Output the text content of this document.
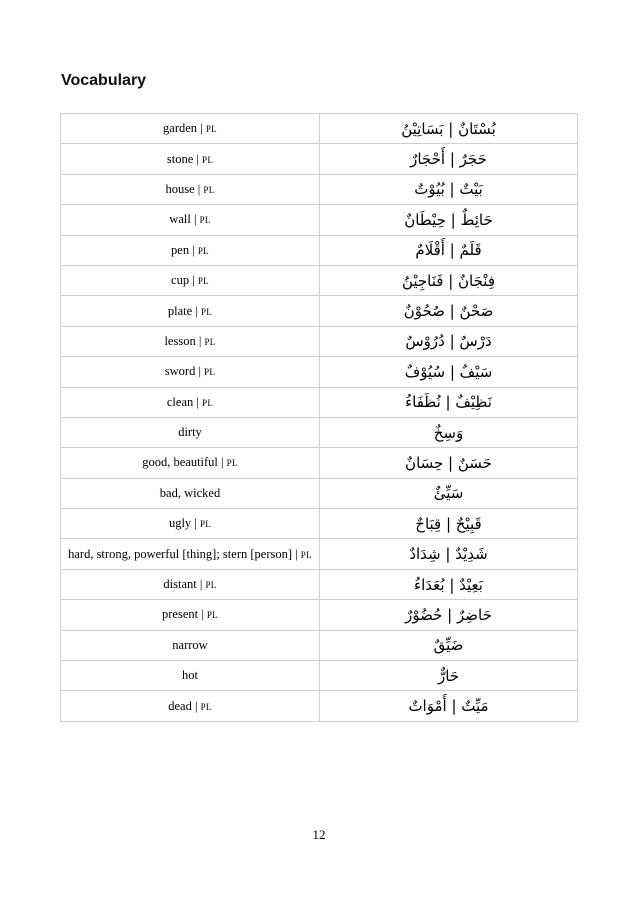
Vocabulary
garden | PL	بُسْتَانٌ | بَسَاتِيْنُ
stone | PL	حَجَرٌ | أَحْجَارٌ
house | PL	بَيْتٌ | بُيُوْتٌ
wall | PL	حَائِطٌ | حِيْطَانٌ
pen | PL	قَلَمٌ | أَقْلَامٌ
cup | PL	فِنْجَانٌ | فَنَاجِيْنُ
plate | PL	صَحْنٌ | صُحُوْنٌ
lesson | PL	دَرْسٌ | دُرُوْسٌ
sword | PL	سَيْفٌ | سُيُوْفٌ
clean | PL	نَظِيْفٌ | نُظَفَاءُ
dirty	وَسِخٌ
good, beautiful | PL	حَسَنٌ | حِسَانٌ
bad, wicked	سَيِّئٌ
ugly | PL	قَبِيْحٌ | قِبَاحٌ
hard, strong, powerful [thing]; stern [person] | PL	شَدِيْدٌ | شِدَادٌ
distant | PL	بَعِيْدٌ | بُعَدَاءُ
present | PL	حَاضِرٌ | حُضُوْرٌ
narrow	ضَيِّقٌ
hot	حَارٌّ
dead | PL	مَيِّتٌ | أَمْوَاتٌ
12
